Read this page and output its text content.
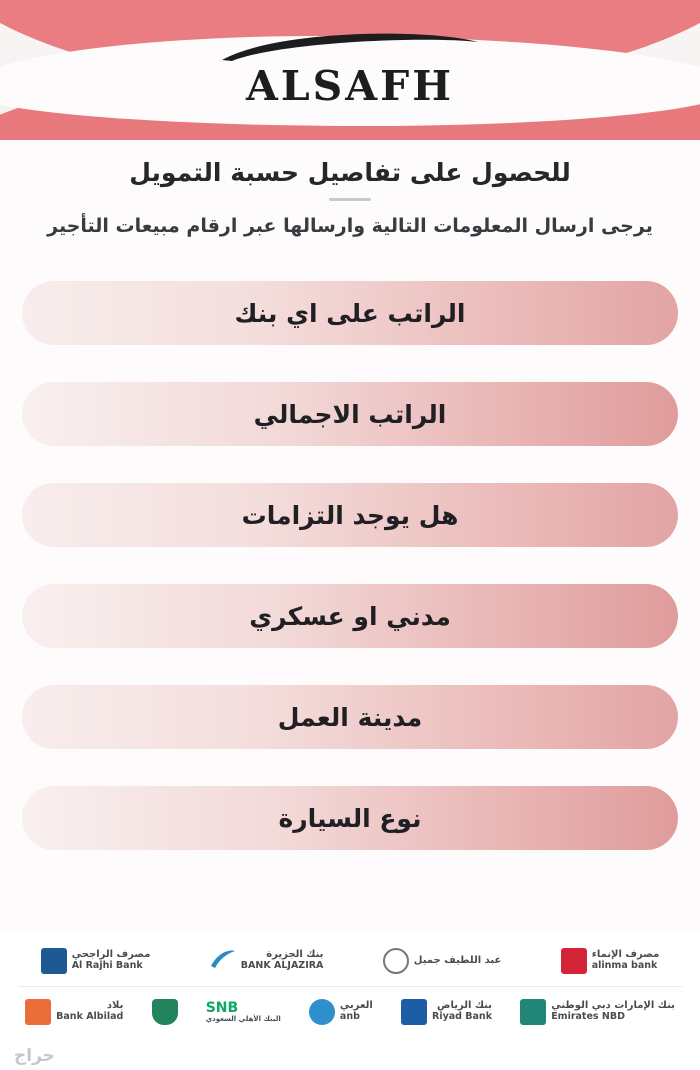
ALSAFH
للحصول على تفاصيل حسبة التمويل
يرجى ارسال المعلومات التالية وارسالها عبر ارقام مبيعات التأجير
الراتب على اي بنك
الراتب الاجمالي
هل يوجد التزامات
مدني او عسكري
مدينة العمل
نوع السيارة
مصرف الإنماء
alinma bank
عبد اللطيف جميل
بنك الجزيرة
BANK ALJAZIRA
مصرف الراجحي
Al Rajhi Bank
بنك الإمارات دبي الوطني
Emirates NBD
بنك الرياض
Riyad Bank
العربي
anb
SNB
البنك الأهلي السعودي
بلاد
Bank Albilad
حراج
